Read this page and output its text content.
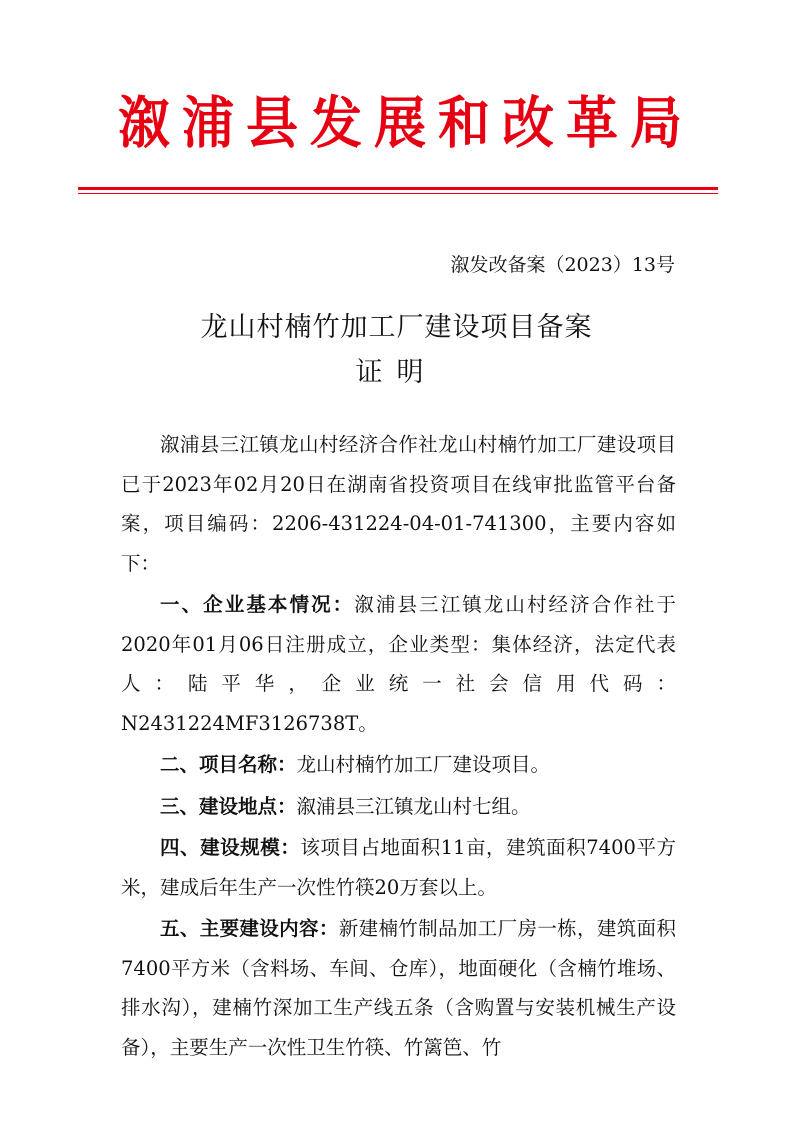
溆浦县发展和改革局
溆发改备案（2023）13号
龙山村楠竹加工厂建设项目备案
证明

溆浦县三江镇龙山村经济合作社龙山村楠竹加工厂建设项目已于2023年02月20日在湖南省投资项目在线审批监管平台备案，项目编码：2206-431224-04-01-741300，主要内容如下：

一、企业基本情况：溆浦县三江镇龙山村经济合作社于2020年01月06日注册成立，企业类型：集体经济，法定代表人：陆平华，企业统一社会信用代码：N2431224MF3126738T。

二、项目名称：龙山村楠竹加工厂建设项目。

三、建设地点：溆浦县三江镇龙山村七组。

四、建设规模：该项目占地面积11亩，建筑面积7400平方米，建成后年生产一次性竹筷20万套以上。

五、主要建设内容：新建楠竹制品加工厂房一栋，建筑面积7400平方米（含料场、车间、仓库），地面硬化（含楠竹堆场、排水沟），建楠竹深加工生产线五条（含购置与安装机械生产设备），主要生产一次性卫生竹筷、竹篱笆、竹
